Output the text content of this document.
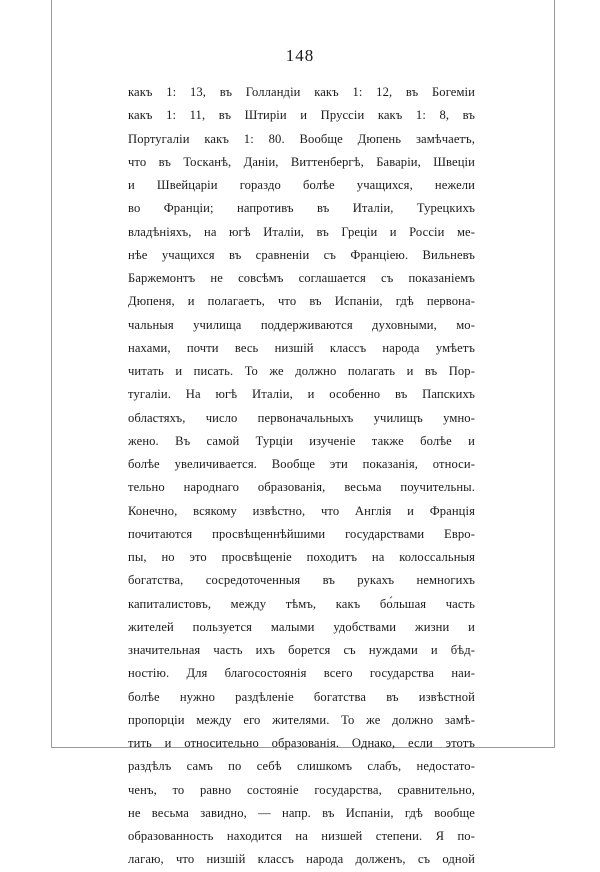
148
какъ 1: 13, въ Голландіи какъ 1: 12, въ Богеміи
какъ 1: 11, въ Штиріи и Пруссіи какъ 1: 8, въ
Португаліи какъ 1: 80. Вообще Дюпень замѣчаетъ,
что въ Тосканѣ, Даніи, Виттенбергѣ, Баваріи, Швеціи
и Швейцаріи гораздо болѣе учащихся, нежели
во Франціи; напротивъ въ Италіи, Турецкихъ
владѣніяхъ, на югѣ Италіи, въ Греціи и Россіи ме-
нѣе учащихся въ сравненіи съ Франціею. Вильневъ
Баржемонтъ не совсѣмъ соглашается съ показаніемъ
Дюпеня, и полагаетъ, что въ Испаніи, гдѣ первона-
чальныя училища поддерживаются духовными, мо-
нахами, почти весь низшій классъ народа умѣетъ
читать и писать. То же должно полагать и въ Пор-
тугаліи. На югѣ Италіи, и особенно въ Папскихъ
областяхъ, число первоначальныхъ училищъ умно-
жено. Въ самой Турціи изученіе также болѣе и
болѣе увеличивается. Вообще эти показанія, относи-
тельно народнаго образованія, весьма поучительны.
Конечно, всякому извѣстно, что Англія и Франція
почитаются просвѣщеннѣйшими государствами Евро-
пы, но это просвѣщеніе походитъ на колоссальныя
богатства, сосредоточенныя въ рукахъ немногихъ
капиталистовъ, между тѣмъ, какъ бо́льшая часть
жителей пользуется малыми удобствами жизни и
значительная часть ихъ борется съ нуждами и бѣд-
ностію. Для благосостоянія всего государства наи-
болѣе нужно раздѣленіе богатства въ извѣстной
пропорціи между его жителями. То же должно замѣ-
тить и относительно образованія. Однако, если этотъ
раздѣлъ самъ по себѣ слишкомъ слабъ, недостато-
ченъ, то равно состояніе государства, сравнительно,
не весьма завидно, — напр. въ Испаніи, гдѣ вообще
образованность находится на низшей степени. Я по-
лагаю, что низшій классъ народа долженъ, съ одной
